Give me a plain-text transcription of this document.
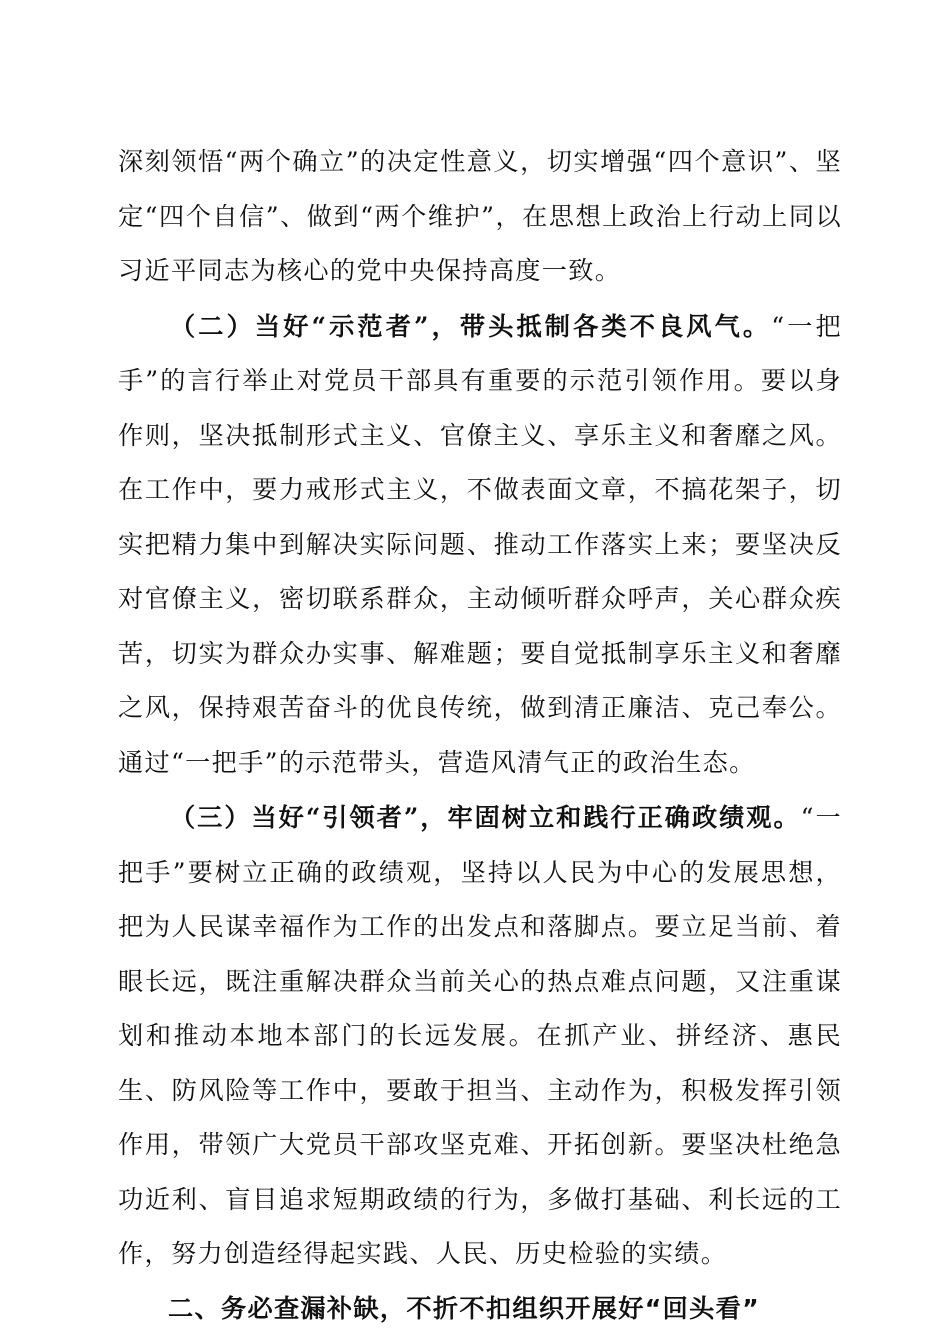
深刻领悟“两个确立”的决定性意义，切实增强“四个意识”、坚定“四个自信”、做到“两个维护”，在思想上政治上行动上同以习近平同志为核心的党中央保持高度一致。

（二）当好“示范者”，带头抵制各类不良风气。“一把手”的言行举止对党员干部具有重要的示范引领作用。要以身作则，坚决抵制形式主义、官僚主义、享乐主义和奢靡之风。在工作中，要力戒形式主义，不做表面文章，不搞花架子，切实把精力集中到解决实际问题、推动工作落实上来；要坚决反对官僚主义，密切联系群众，主动倾听群众呼声，关心群众疾苦，切实为群众办实事、解难题；要自觉抵制享乐主义和奢靡之风，保持艰苦奋斗的优良传统，做到清正廉洁、克己奉公。通过“一把手”的示范带头，营造风清气正的政治生态。

（三）当好“引领者”，牢固树立和践行正确政绩观。“一把手”要树立正确的政绩观，坚持以人民为中心的发展思想，把为人民谋幸福作为工作的出发点和落脚点。要立足当前、着眼长远，既注重解决群众当前关心的热点难点问题，又注重谋划和推动本地本部门的长远发展。在抓产业、拼经济、惠民生、防风险等工作中，要敢于担当、主动作为，积极发挥引领作用，带领广大党员干部攻坚克难、开拓创新。要坚决杜绝急功近利、盲目追求短期政绩的行为，多做打基础、利长远的工作，努力创造经得起实践、人民、历史检验的实绩。

二、务必查漏补缺，不折不扣组织开展好“回头看”
